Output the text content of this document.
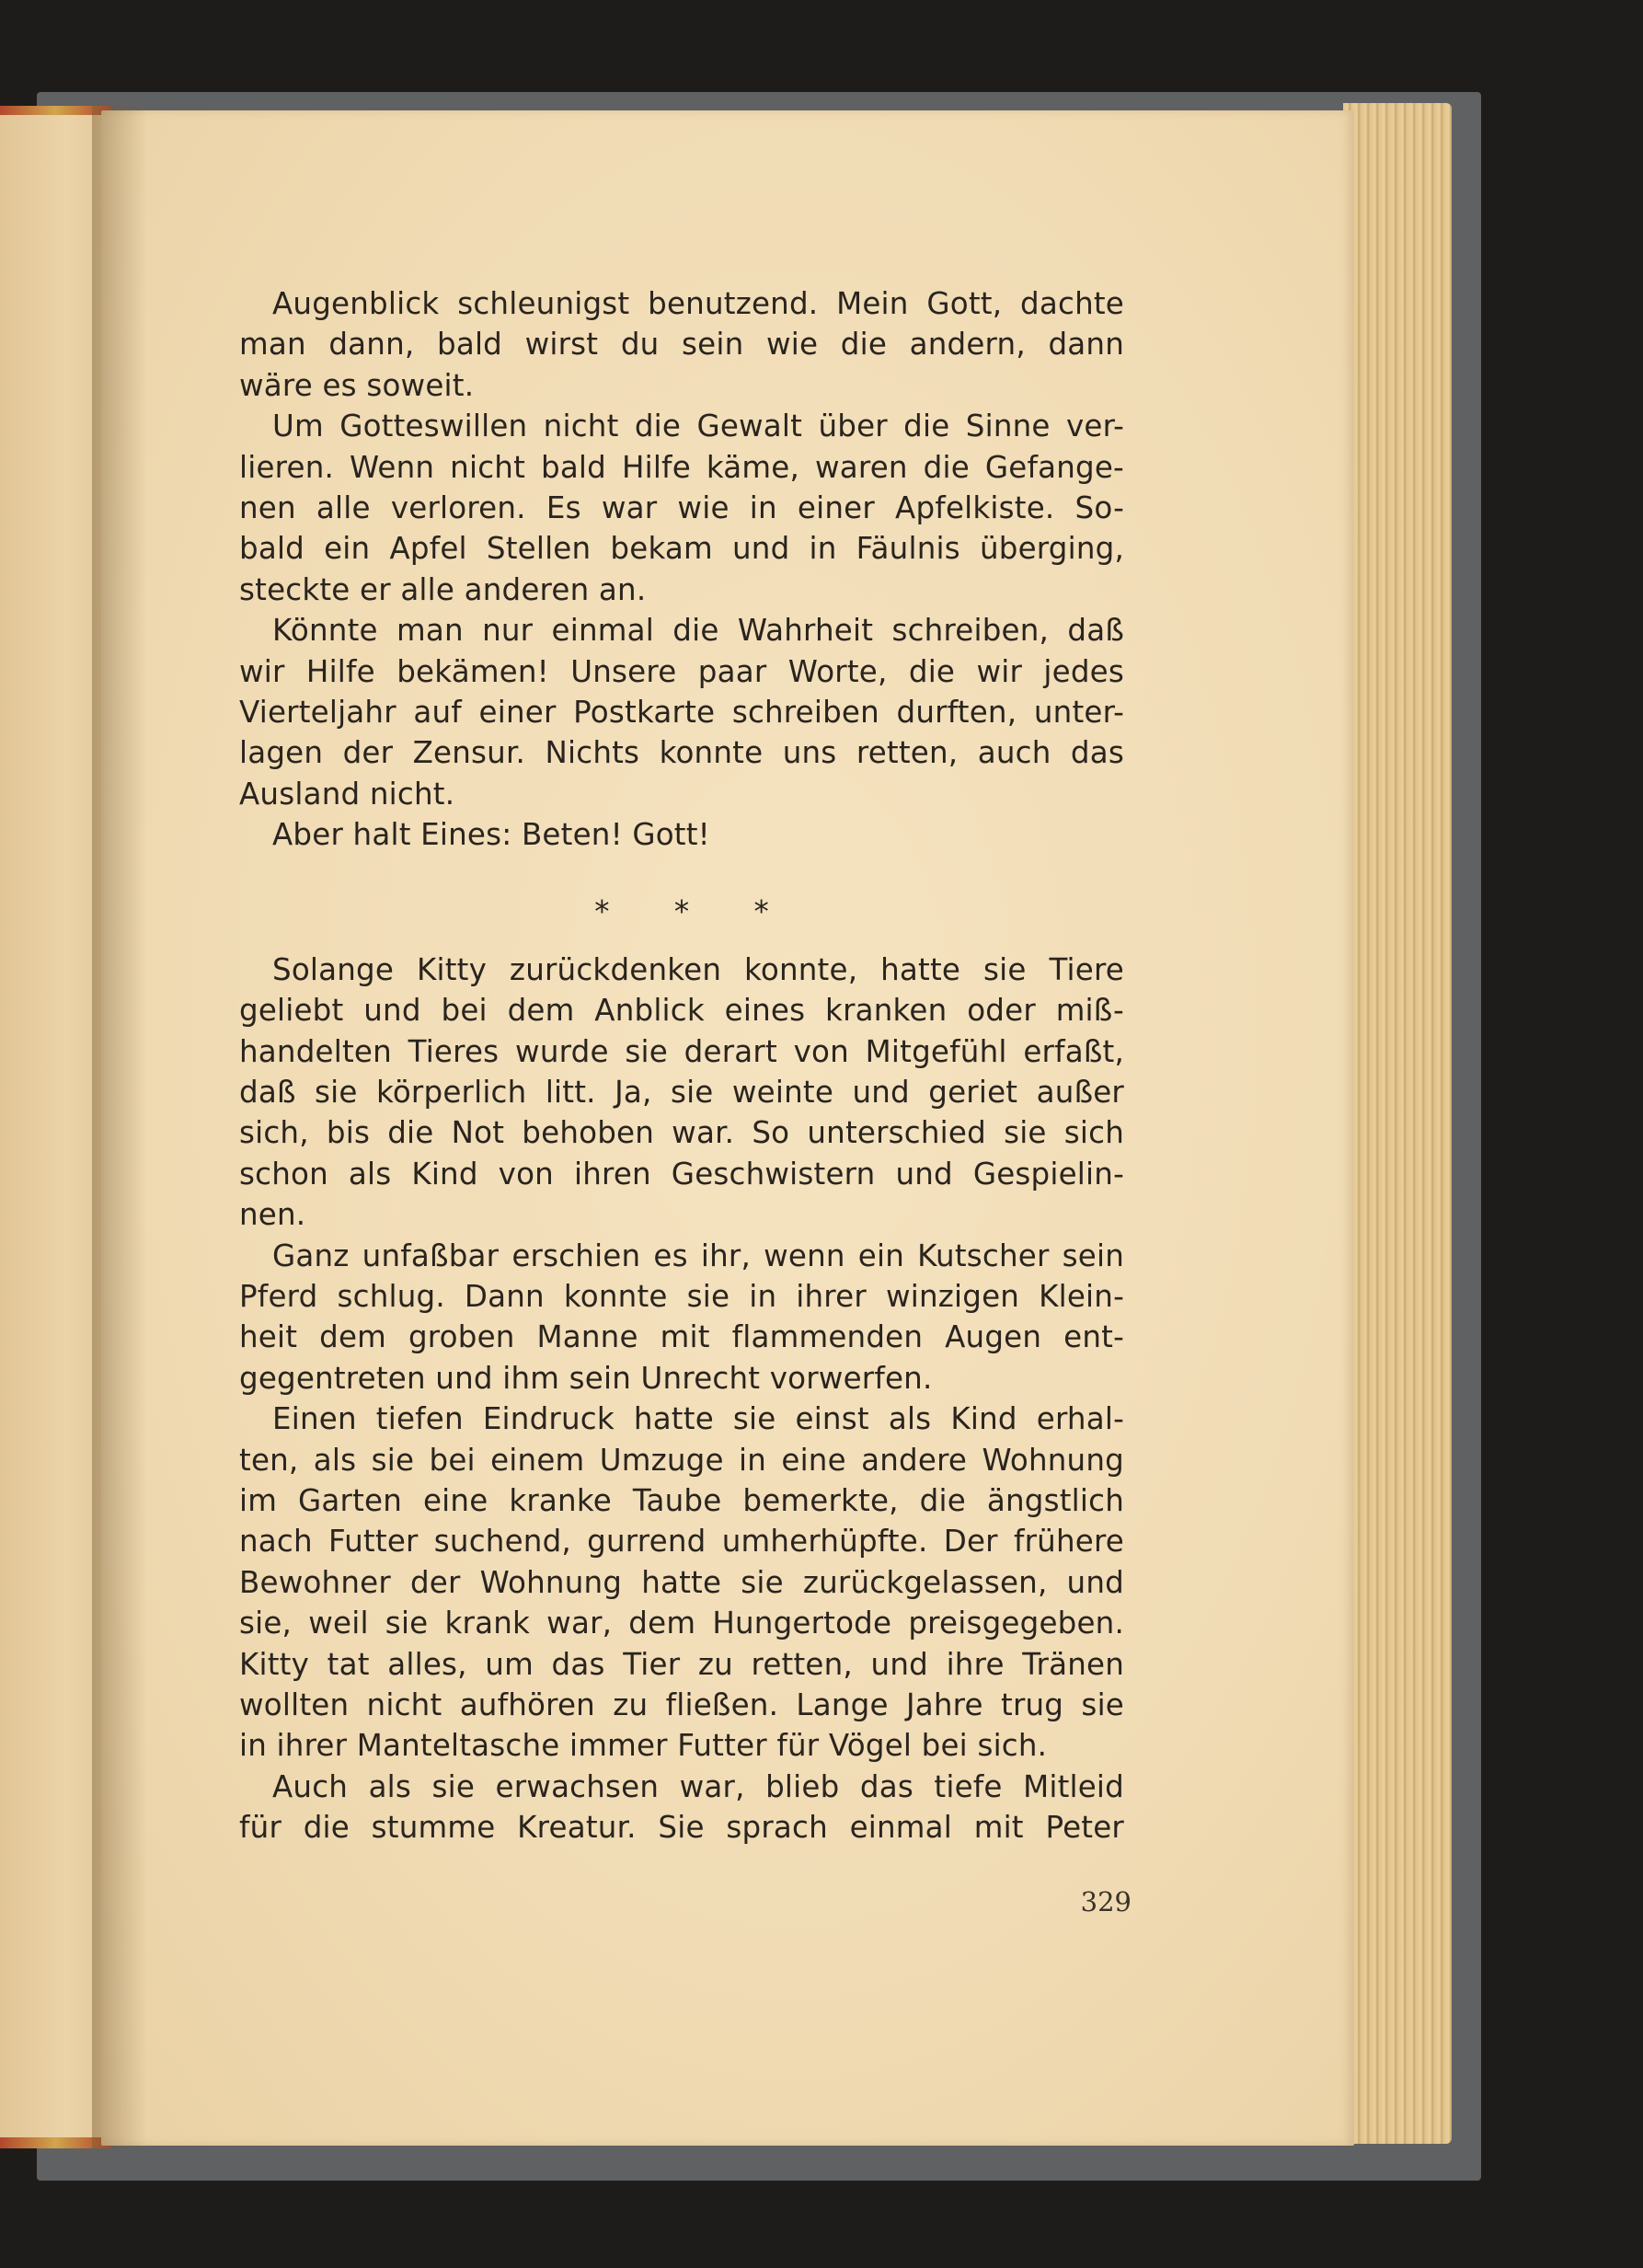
Augenblick schleunigst benutzend. Mein Gott, dachte
man dann, bald wirst du sein wie die andern, dann
wäre es soweit.
Um Gotteswillen nicht die Gewalt über die Sinne ver-
lieren. Wenn nicht bald Hilfe käme, waren die Gefange-
nen alle verloren. Es war wie in einer Apfelkiste. So-
bald ein Apfel Stellen bekam und in Fäulnis überging,
steckte er alle anderen an.
Könnte man nur einmal die Wahrheit schreiben, daß
wir Hilfe bekämen! Unsere paar Worte, die wir jedes
Vierteljahr auf einer Postkarte schreiben durften, unter-
lagen der Zensur. Nichts konnte uns retten, auch das
Ausland nicht.
Aber halt Eines: Beten! Gott!
* * *
Solange Kitty zurückdenken konnte, hatte sie Tiere
geliebt und bei dem Anblick eines kranken oder miß-
handelten Tieres wurde sie derart von Mitgefühl erfaßt,
daß sie körperlich litt. Ja, sie weinte und geriet außer
sich, bis die Not behoben war. So unterschied sie sich
schon als Kind von ihren Geschwistern und Gespielin-
nen.
Ganz unfaßbar erschien es ihr, wenn ein Kutscher sein
Pferd schlug. Dann konnte sie in ihrer winzigen Klein-
heit dem groben Manne mit flammenden Augen ent-
gegentreten und ihm sein Unrecht vorwerfen.
Einen tiefen Eindruck hatte sie einst als Kind erhal-
ten, als sie bei einem Umzuge in eine andere Wohnung
im Garten eine kranke Taube bemerkte, die ängstlich
nach Futter suchend, gurrend umherhüpfte. Der frühere
Bewohner der Wohnung hatte sie zurückgelassen, und
sie, weil sie krank war, dem Hungertode preisgegeben.
Kitty tat alles, um das Tier zu retten, und ihre Tränen
wollten nicht aufhören zu fließen. Lange Jahre trug sie
in ihrer Manteltasche immer Futter für Vögel bei sich.
Auch als sie erwachsen war, blieb das tiefe Mitleid
für die stumme Kreatur. Sie sprach einmal mit Peter
329
